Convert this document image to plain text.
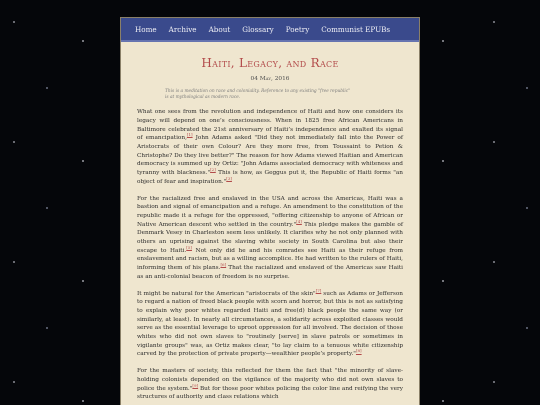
Home Archive About Glossary Poetry Communist EPUBs
Haiti, Legacy, and Race
04 May, 2016
This is a meditation on race and coloniality. Reference to any existing "free republic" is at mythological as modern race.

What one sees from the revolution and independence of Haiti and how one considers its legacy will depend on one’s consciousness. When in 1825 free African Americans in Baltimore celebrated the 21st anniversary of Haiti’s independence and exalted its signal of emancipation,[1] John Adams asked "Did they not immediately fall into the Power of Aristocrats of their own Colour? Are they more free, from Toussaint to Petion & Christophe? Do they live better?" The reason for how Adams viewed Haitian and American democracy is summed up by Ortiz: "John Adams associated democracy with whiteness and tyranny with blackness."[2] This is how, as Geggus put it, the Republic of Haiti forms "an object of fear and inspiration."[3]

For the racialized free and enslaved in the USA and across the Americas, Haiti was a bastion and signal of emancipation and a refuge. An amendment to the constitution of the republic made it a refuge for the oppressed, "offering citizenship to anyone of African or Native American descent who settled in the country."[4] This pledge makes the gamble of Denmark Vesey in Charleston seem less unlikely. It clarifies why he not only planned with others an uprising against the slaving white society in South Carolina but also their escape to Haiti.[5] Not only did he and his comrades see Haiti as their refuge from enslavement and racism, but as a willing accomplice. He had written to the rulers of Haiti, informing them of his plans.[6] That the racialized and enslaved of the Americas saw Haiti as an anti-colonial beacon of freedom is no surprise.

It might be natural for the American "aristocrats of the skin"[7] such as Adams or Jefferson to regard a nation of freed black people with scorn and horror, but this is not as satisfying to explain why poor whites regarded Haiti and free(d) black people the same way (or similarly, at least). In nearly all circumstances, a solidarity across exploited classes would serve as the essential leverage to uproot oppression for all involved. The decision of those whites who did not own slaves to "routinely [serve] in slave patrols or sometimes in vigilante groups" was, as Ortiz makes clear, "to lay claim to a tenuous white citizenship carved by the protection of private property—wealthier people’s property."[8]

For the masters of society, this reflected for them the fact that "the minority of slave-holding colonists depended on the vigilance of the majority who did not own slaves to police the system."[9] But for those poor whites policing the color line and reifying the very structures of authority and class relations which
